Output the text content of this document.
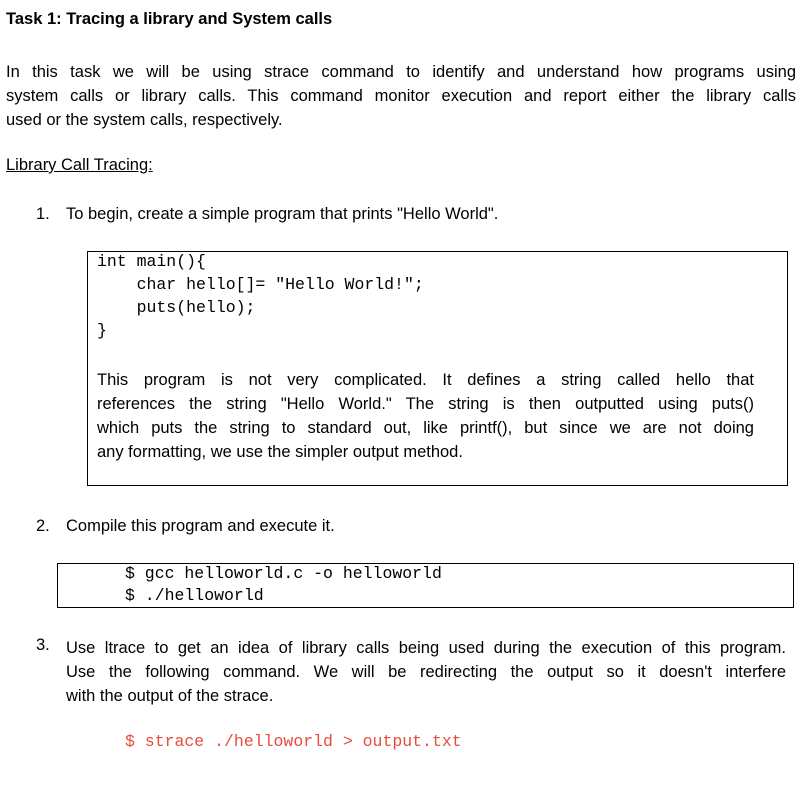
Task 1: Tracing a library and System calls
In this task we will be using strace command to identify and understand how programs using
system calls or library calls. This command monitor execution and report either the library calls
used or the system calls, respectively.
Library Call Tracing:
1. To begin, create a simple program that prints "Hello World".
int main(){
char hello[]= "Hello World!";
puts(hello);
}
This program is not very complicated. It defines a string called hello that
references the string "Hello World." The string is then outputted using puts()
which puts the string to standard out, like printf(), but since we are not doing
any formatting, we use the simpler output method.
2. Compile this program and execute it.
$ gcc helloworld.c -o helloworld
$ ./helloworld
3. Use ltrace to get an idea of library calls being used during the execution of this program.
Use the following command. We will be redirecting the output so it doesn't interfere
with the output of the strace.
$ strace ./helloworld > output.txt
